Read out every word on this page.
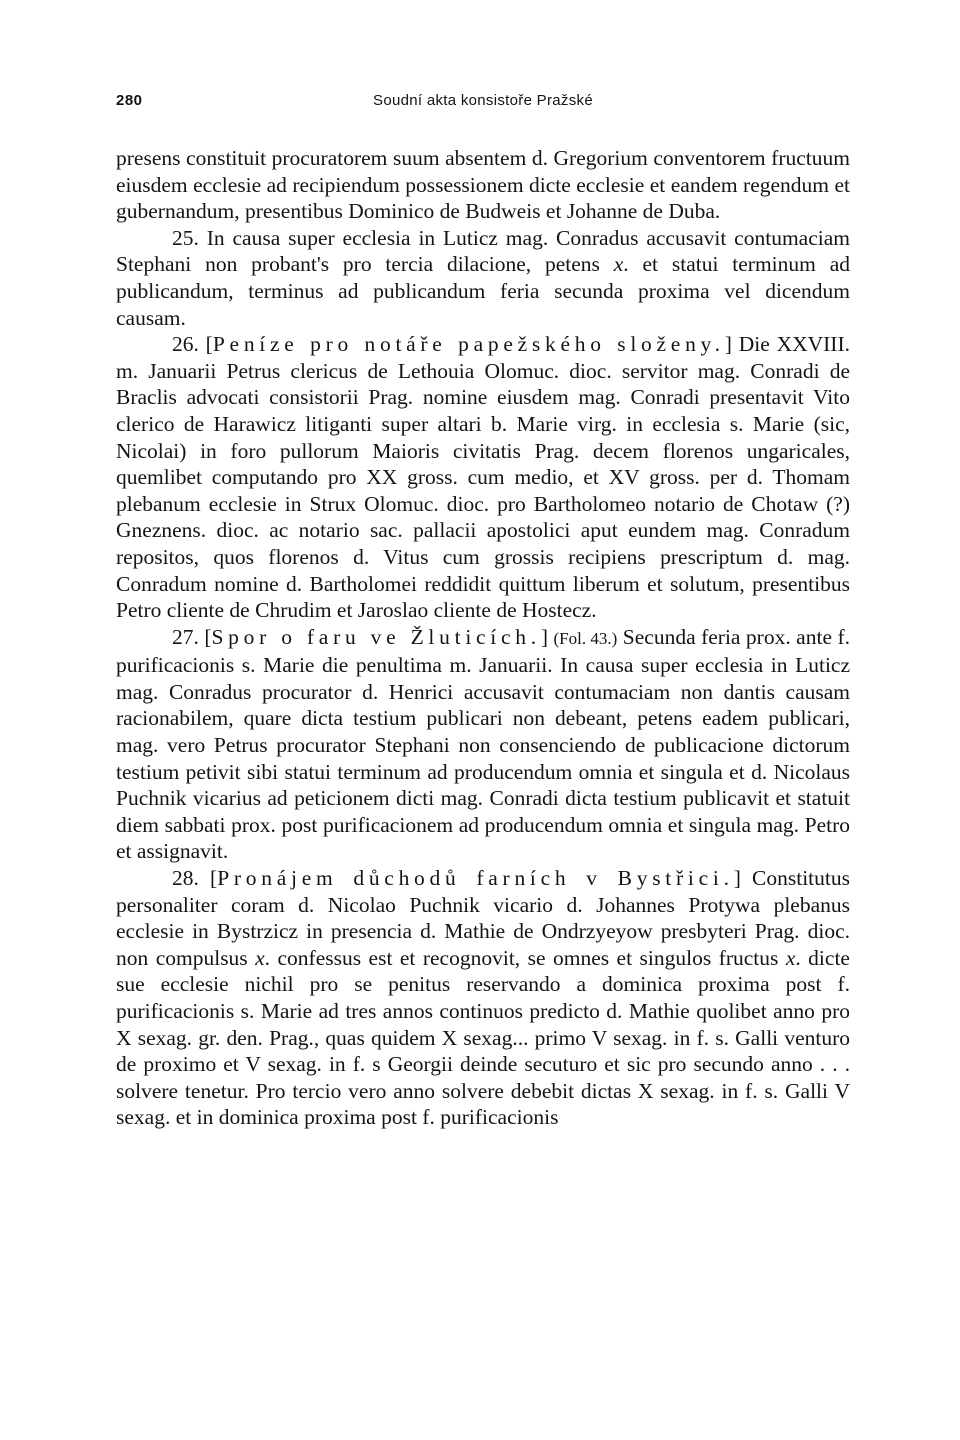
280	Soudní akta konsistoře Pražské

presens constituit procuratorem suum absentem d. Gregorium conventorem fructuum eiusdem ecclesie ad recipiendum possessionem dicte ecclesie et eandem regendum et gubernandum, presentibus Dominico de Budweis et Johanne de Duba.

25. In causa super ecclesia in Luticz mag. Conradus accusavit contumaciam Stephani non probant's pro tercia dilacione, petens x. et statui terminum ad publicandum, terminus ad publicandum feria secunda proxima vel dicendum causam.

26. [Peníze pro notáře papežského složeny.] Die XXVIII. m. Januarii Petrus clericus de Lethouia Olomuc. dioc. servitor mag. Conradi de Braclis advocati consistorii Prag. nomine eiusdem mag. Conradi presentavit Vito clerico de Harawicz litiganti super altari b. Marie virg. in ecclesia s. Marie (sic, Nicolai) in foro pullorum Maioris civitatis Prag. decem florenos ungaricales, quemlibet computando pro XX gross. cum medio, et XV gross. per d. Thomam plebanum ecclesie in Strux Olomuc. dioc. pro Bartholomeo notario de Chotaw (?) Gneznens. dioc. ac notario sac. pallacii apostolici aput eundem mag. Conradum repositos, quos florenos d. Vitus cum grossis recipiens prescriptum d. mag. Conradum nomine d. Bartholomei reddidit quittum liberum et solutum, presentibus Petro cliente de Chrudim et Jaroslao cliente de Hostecz.

27. [Spor o faru ve Žluticích.] (Fol. 43.) Secunda feria prox. ante f. purificacionis s. Marie die penultima m. Januarii. In causa super ecclesia in Luticz mag. Conradus procurator d. Henrici accusavit contumaciam non dantis causam racionabilem, quare dicta testium publicari non debeant, petens eadem publicari, mag. vero Petrus procurator Stephani non consenciendo de publicacione dictorum testium petivit sibi statui terminum ad producendum omnia et singula et d. Nicolaus Puchnik vicarius ad peticionem dicti mag. Conradi dicta testium publicavit et statuit diem sabbati prox. post purificacionem ad producendum omnia et singula mag. Petro et assignavit.

28. [Pronájem důchodů farních v Bystřici.] Constitutus personaliter coram d. Nicolao Puchnik vicario d. Johannes Protywa plebanus ecclesie in Bystrzicz in presencia d. Mathie de Ondrzyeyow presbyteri Prag. dioc. non compulsus x. confessus est et recognovit, se omnes et singulos fructus x. dicte sue ecclesie nichil pro se penitus reservando a dominica proxima post f. purificacionis s. Marie ad tres annos continuos predicto d. Mathie quolibet anno pro X sexag. gr. den. Prag., quas quidem X sexag... primo V sexag. in f. s. Galli venturo de proximo et V sexag. in f. s Georgii deinde secuturo et sic pro secundo anno . . . solvere tenetur. Pro tercio vero anno solvere debebit dictas X sexag. in f. s. Galli V sexag. et in dominica proxima post f. purificacionis
